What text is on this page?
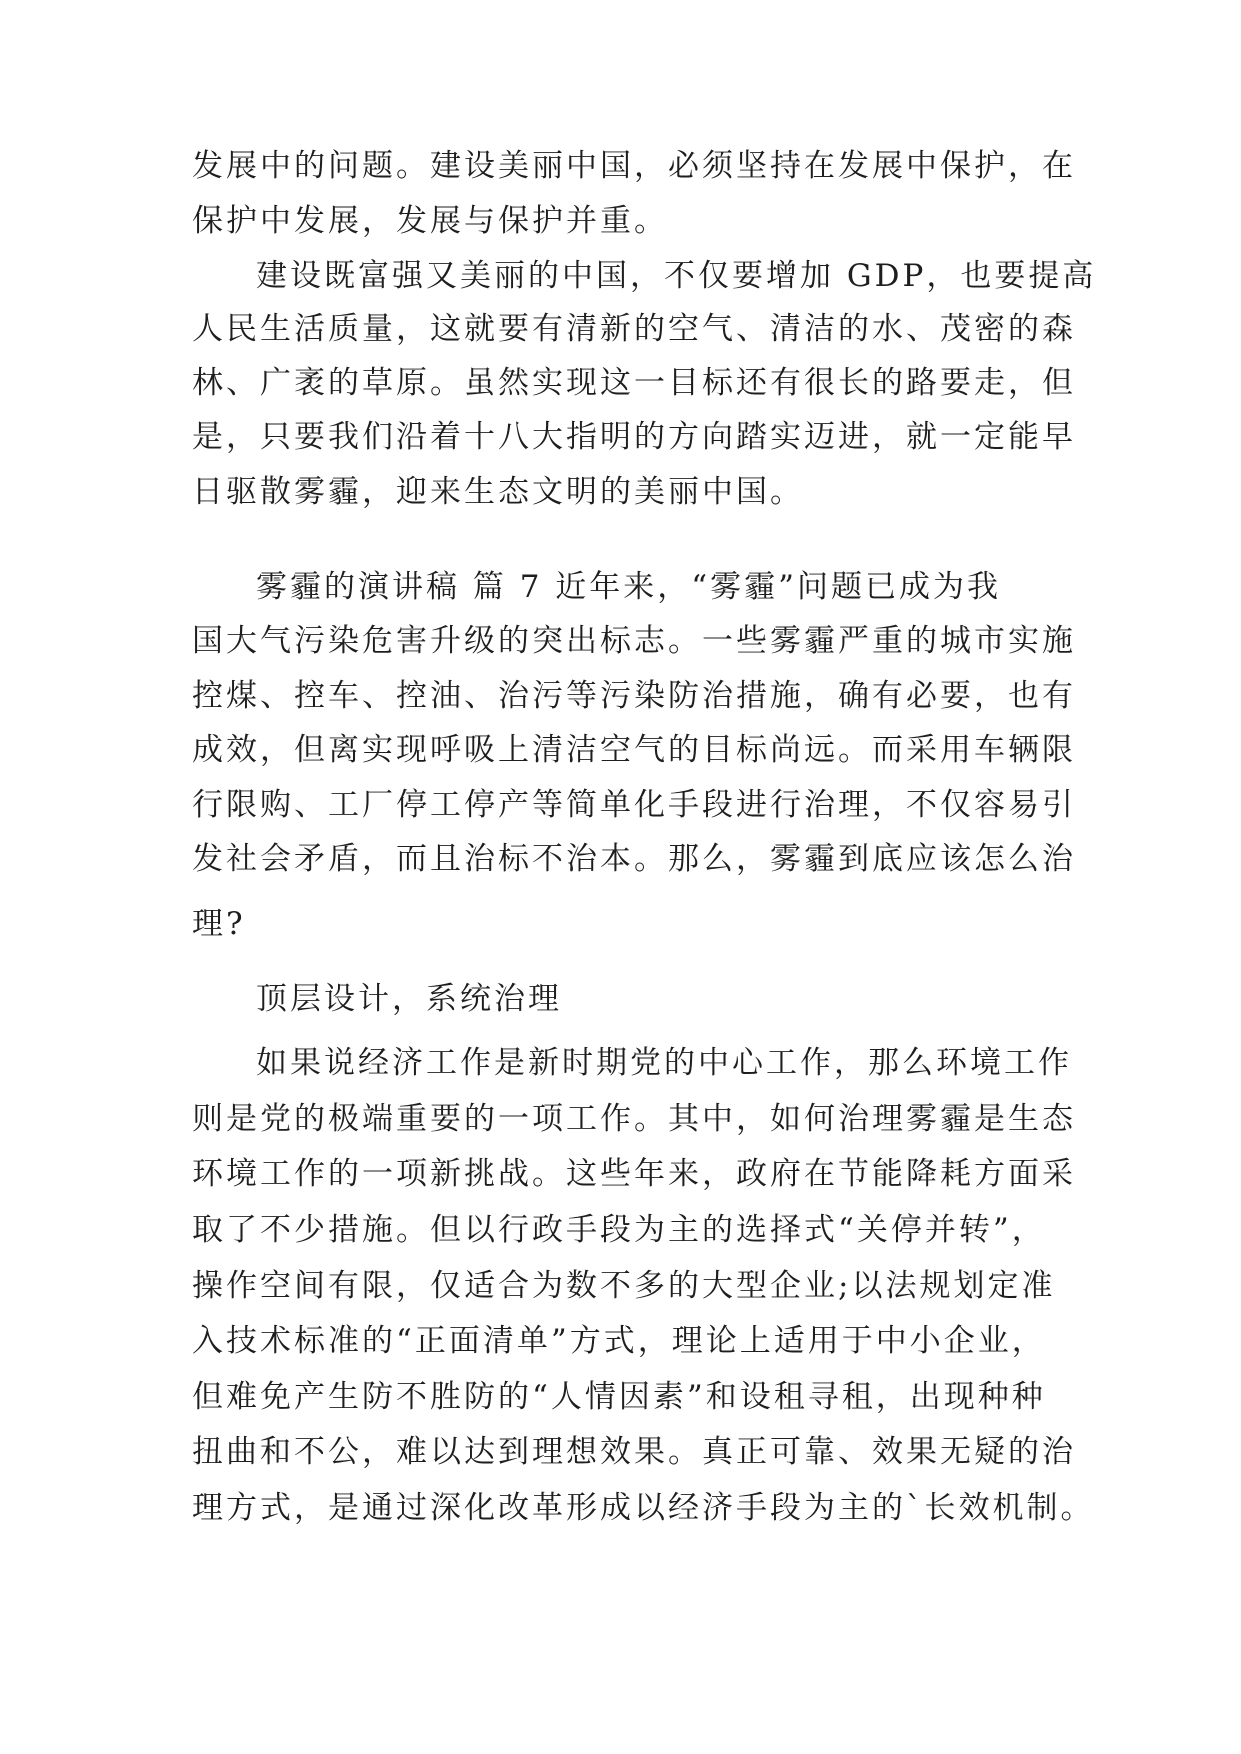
发展中的问题。建设美丽中国，必须坚持在发展中保护，在
保护中发展，发展与保护并重。
建设既富强又美丽的中国，不仅要增加 GDP，也要提高
人民生活质量，这就要有清新的空气、清洁的水、茂密的森
林、广袤的草原。虽然实现这一目标还有很长的路要走，但
是，只要我们沿着十八大指明的方向踏实迈进，就一定能早
日驱散雾霾，迎来生态文明的美丽中国。
雾霾的演讲稿 篇 7 近年来，“雾霾”问题已成为我
国大气污染危害升级的突出标志。一些雾霾严重的城市实施
控煤、控车、控油、治污等污染防治措施，确有必要，也有
成效，但离实现呼吸上清洁空气的目标尚远。而采用车辆限
行限购、工厂停工停产等简单化手段进行治理，不仅容易引
发社会矛盾，而且治标不治本。那么，雾霾到底应该怎么治
理?
顶层设计，系统治理
如果说经济工作是新时期党的中心工作，那么环境工作
则是党的极端重要的一项工作。其中，如何治理雾霾是生态
环境工作的一项新挑战。这些年来，政府在节能降耗方面采
取了不少措施。但以行政手段为主的选择式“关停并转”，
操作空间有限，仅适合为数不多的大型企业;以法规划定准
入技术标准的“正面清单”方式，理论上适用于中小企业，
但难免产生防不胜防的“人情因素”和设租寻租，出现种种
扭曲和不公，难以达到理想效果。真正可靠、效果无疑的治
理方式，是通过深化改革形成以经济手段为主的`长效机制。
